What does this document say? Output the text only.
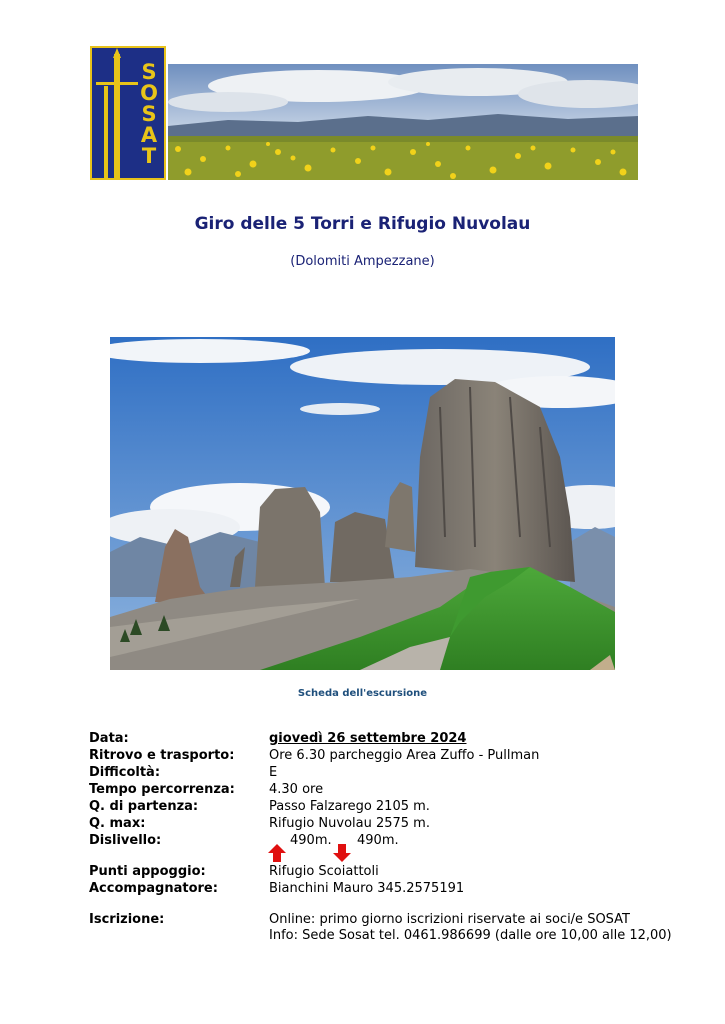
S
O
S
A
T
Giro delle 5 Torri e Rifugio Nuvolau
(Dolomiti Ampezzane)
Scheda dell'escursione
Data:	giovedì 26 settembre 2024
Ritrovo e trasporto:	Ore 6.30 parcheggio Area Zuffo - Pullman
Difficoltà:	E
Tempo percorrenza:	4.30 ore
Q. di partenza:	Passo Falzarego 2105 m.
Q. max:	Rifugio Nuvolau 2575 m.
Dislivello:	490m. 490m.
Punti appoggio:	Rifugio Scoiattoli
Accompagnatore:	Bianchini Mauro 345.2575191
Iscrizione:	Online: primo giorno iscrizioni riservate ai soci/e SOSAT
Info: Sede Sosat tel. 0461.986699 (dalle ore 10,00 alle 12,00)
